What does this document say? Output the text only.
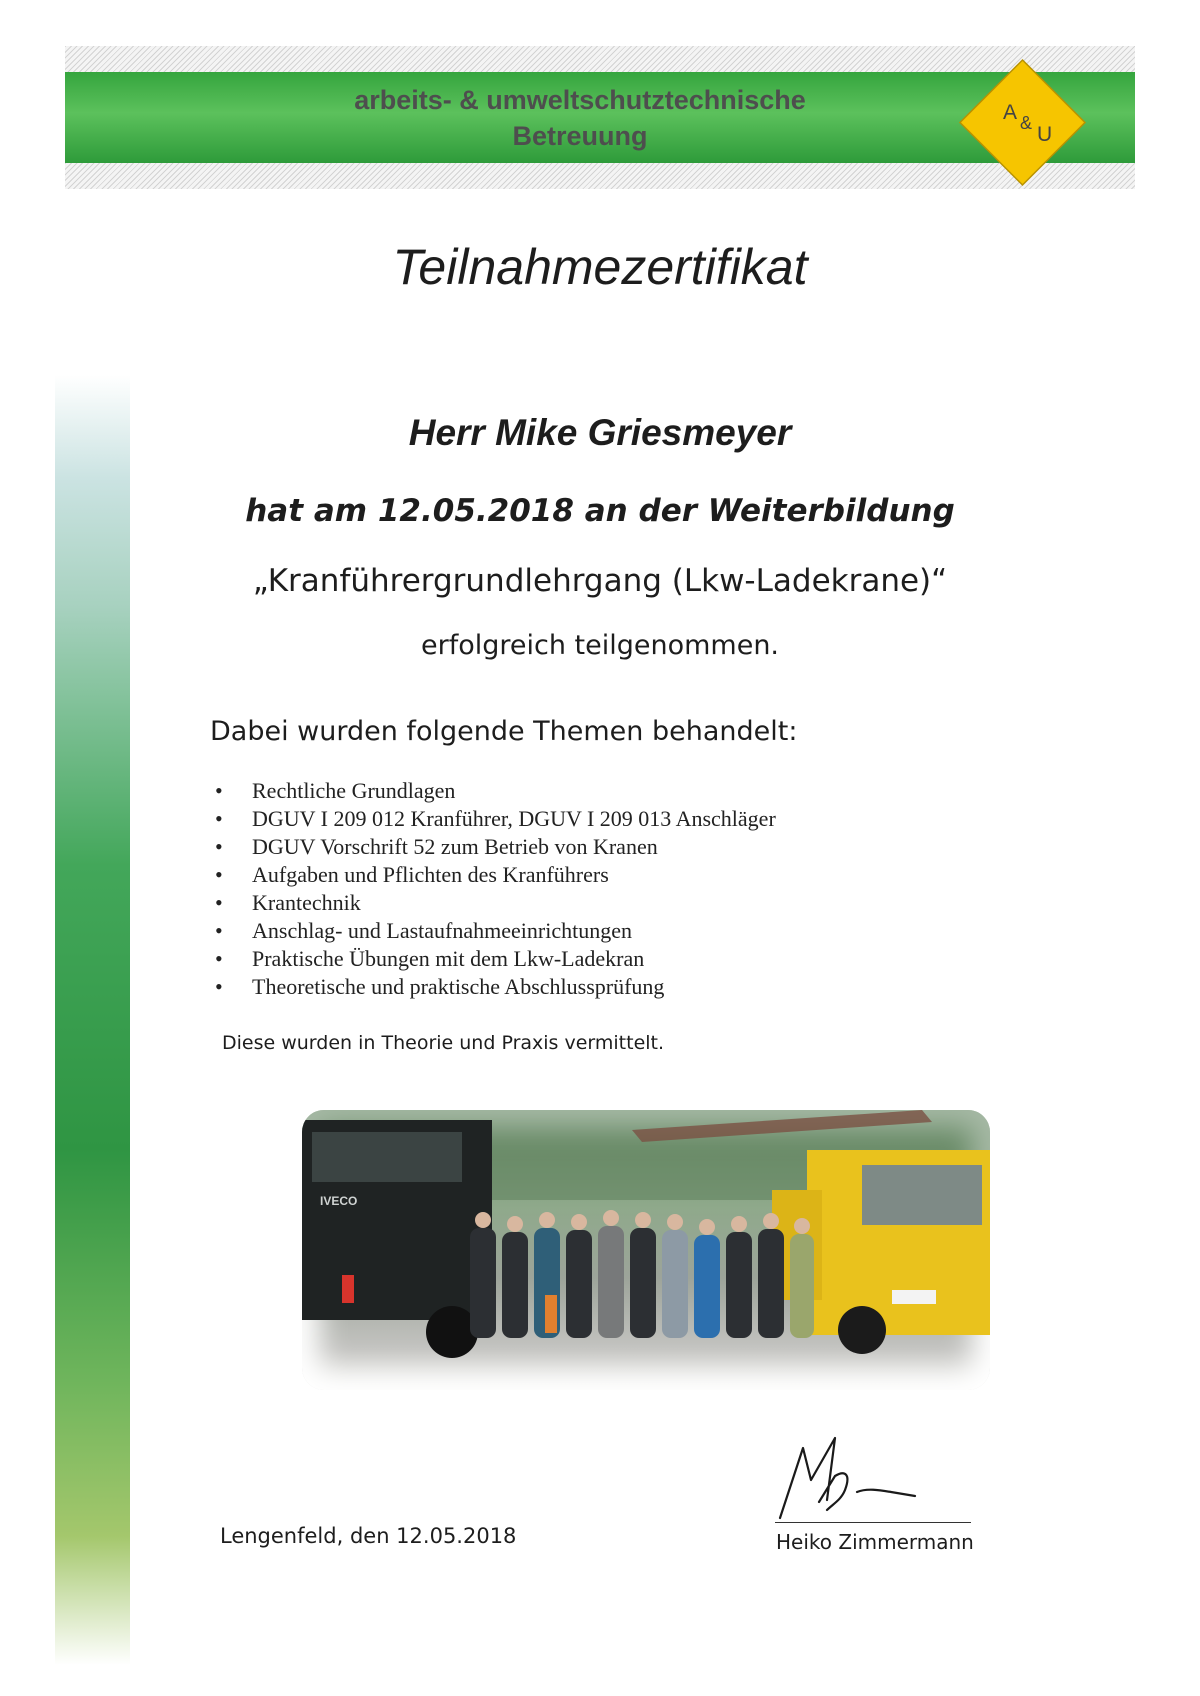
arbeits- & umweltschutztechnische
Betreuung
A & U
Teilnahmezertifikat
Herr Mike Griesmeyer
hat am 12.05.2018 an der Weiterbildung
„Kranführergrundlehrgang (Lkw-Ladekrane)“
erfolgreich teilgenommen.
Dabei wurden folgende Themen behandelt:
• Rechtliche Grundlagen
• DGUV I 209 012 Kranführer, DGUV I 209 013 Anschläger
• DGUV Vorschrift 52 zum Betrieb von Kranen
• Aufgaben und Pflichten des Kranführers
• Krantechnik
• Anschlag- und Lastaufnahmeeinrichtungen
• Praktische Übungen mit dem Lkw-Ladekran
• Theoretische und praktische Abschlussprüfung
Diese wurden in Theorie und Praxis vermittelt.
IVECO
Lengenfeld, den 12.05.2018	Heiko Zimmermann
